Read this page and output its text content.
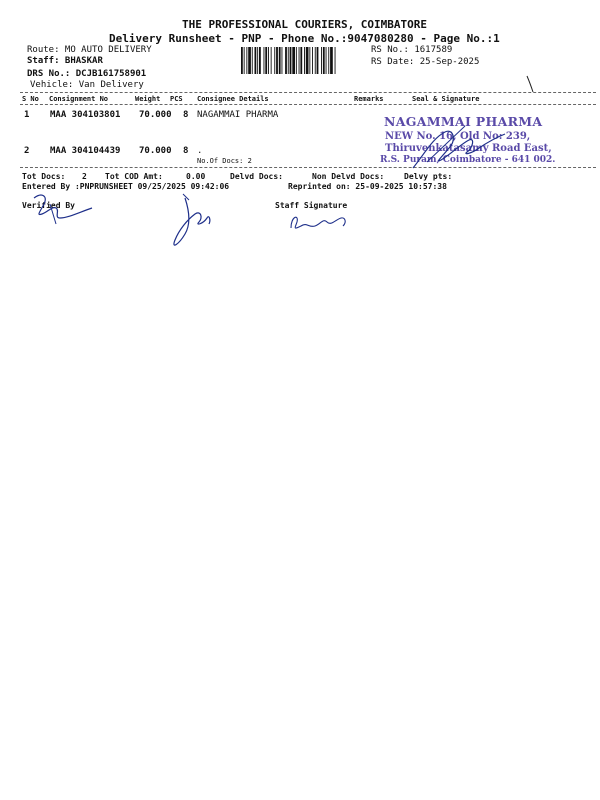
THE PROFESSIONAL COURIERS, COIMBATORE
Delivery Runsheet - PNP - Phone No.:9047080280 - Page No.:1
Route: MO AUTO DELIVERY
Staff: BHASKAR
DRS No.: DCJB161758901
Vehicle: Van Delivery
RS No.: 1617589
RS Date: 25-Sep-2025
S No Consignment No	Weight PCS Consignee Details	Remarks	Seal & Signature
1 MAA 304103801 70.000 8 NAGAMMAI PHARMA
2 MAA 304104439 70.000 8 .
No.Of Docs: 2
NAGAMMAI PHARMA
NEW No. 16, Old No: 239,
Thiruvenkatasamy Road East,
R.S. Puram, Coimbatore - 641 002.
Tot Docs: 2 Tot COD Amt:	0.00	Delvd Docs:	Non Delvd Docs: Delvy pts:
Entered By :PNPRUNSHEET 09/25/2025 09:42:06	Reprinted on: 25-09-2025 10:57:38
Verified By	Staff Signature
